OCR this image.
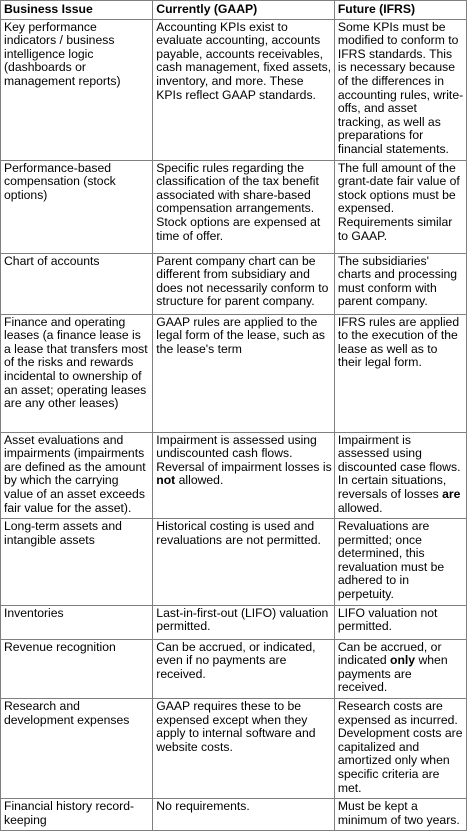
Business Issue	Currently (GAAP)	Future (IFRS)
Key performance indicators / business intelligence logic (dashboards or management reports)	Accounting KPIs exist to evaluate accounting, accounts payable, accounts receivables, cash management, fixed assets, inventory, and more. These KPIs reflect GAAP standards.	Some KPIs must be modified to conform to IFRS standards. This is necessary because of the differences in accounting rules, write-offs, and asset tracking, as well as preparations for financial statements.
Performance-based compensation (stock options)	Specific rules regarding the classification of the tax benefit associated with share-based compensation arrangements. Stock options are expensed at time of offer.	The full amount of the grant-date fair value of stock options must be expensed. Requirements similar to GAAP.
Chart of accounts	Parent company chart can be different from subsidiary and does not necessarily conform to structure for parent company.	The subsidiaries' charts and processing must conform with parent company.
Finance and operating leases (a finance lease is a lease that transfers most of the risks and rewards incidental to ownership of an asset; operating leases are any other leases)	GAAP rules are applied to the legal form of the lease, such as the lease's term	IFRS rules are applied to the execution of the lease as well as to their legal form.
Asset evaluations and impairments (impairments are defined as the amount by which the carrying value of an asset exceeds fair value for the asset).	Impairment is assessed using undiscounted cash flows. Reversal of impairment losses is not allowed.	Impairment is assessed using discounted case flows. In certain situations, reversals of losses are allowed.
Long-term assets and intangible assets	Historical costing is used and revaluations are not permitted.	Revaluations are permitted; once determined, this revaluation must be adhered to in perpetuity.
Inventories	Last-in-first-out (LIFO) valuation permitted.	LIFO valuation not permitted.
Revenue recognition	Can be accrued, or indicated, even if no payments are received.	Can be accrued, or indicated only when payments are received.
Research and development expenses	GAAP requires these to be expensed except when they apply to internal software and website costs.	Research costs are expensed as incurred. Development costs are capitalized and amortized only when specific criteria are met.
Financial history record-keeping	No requirements.	Must be kept a minimum of two years.
